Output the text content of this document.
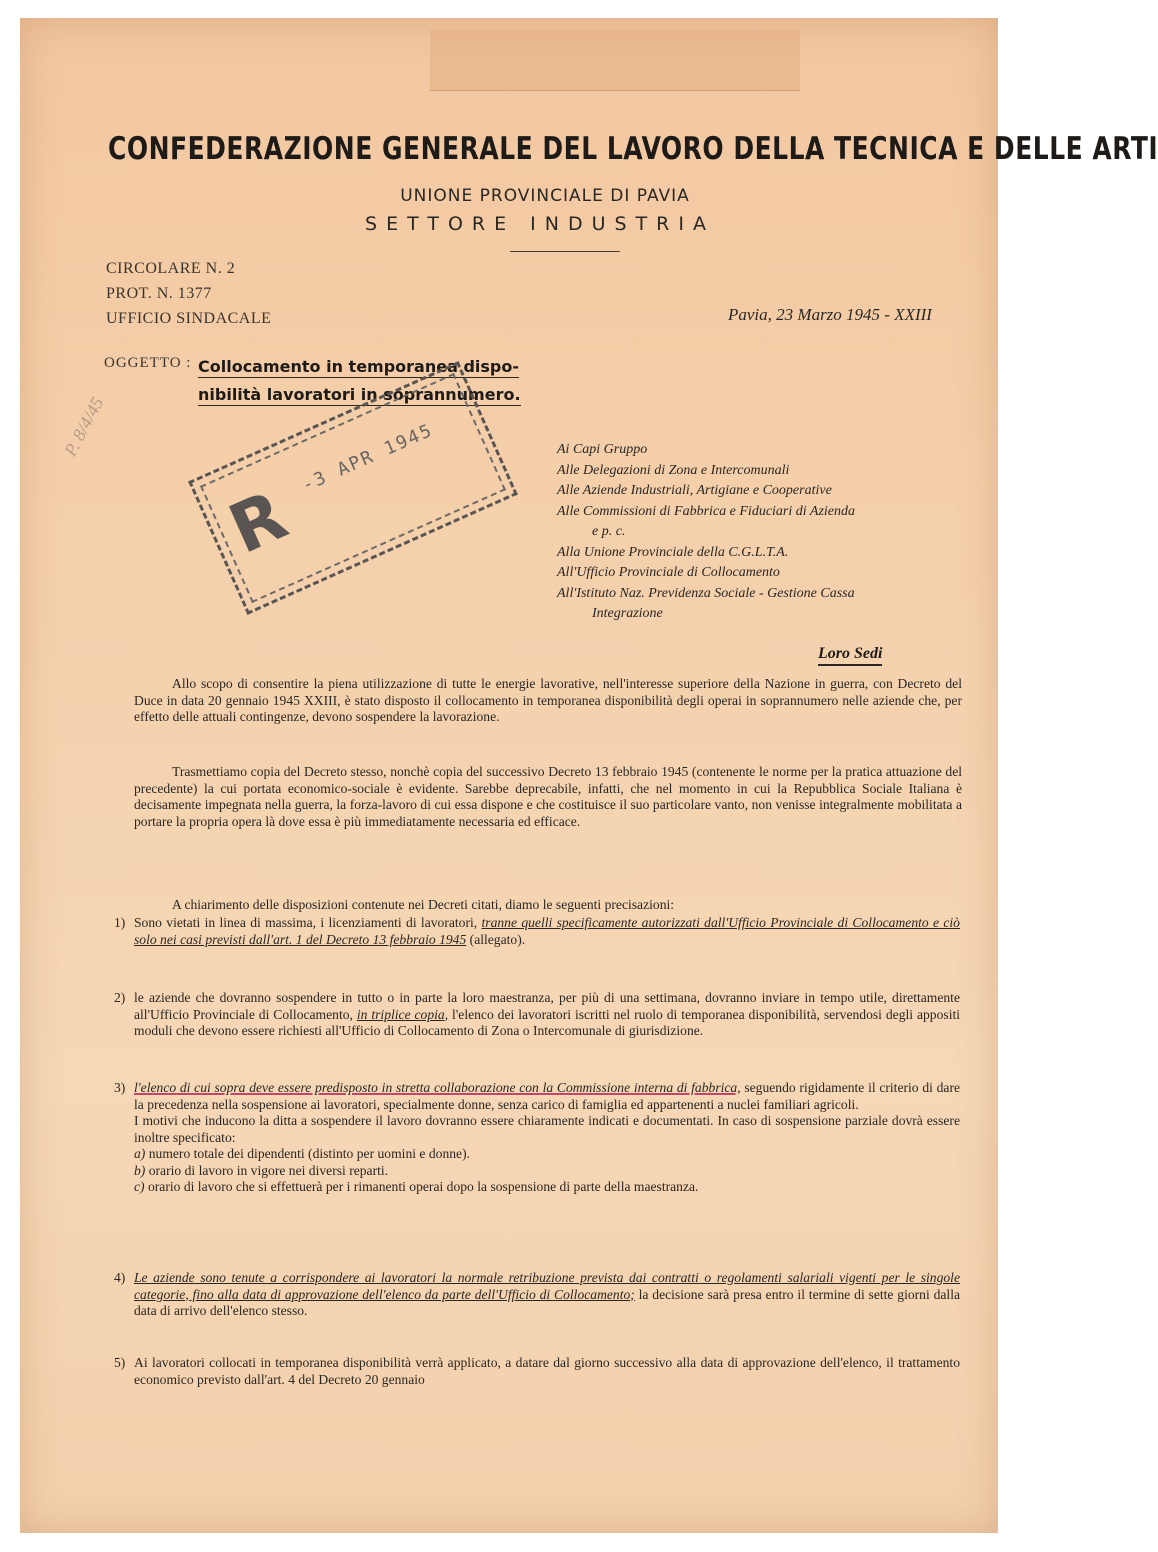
CONFEDERAZIONE GENERALE DEL LAVORO DELLA TECNICA E DELLE ARTI
UNIONE PROVINCIALE DI PAVIA
SETTORE INDUSTRIA
CIRCOLARE N. 2
PROT. N. 1377
UFFICIO SINDACALE	Pavia, 23 Marzo 1945 - XXIII
OGGETTO : Collocamento in temporanea dispo-
nibilità lavoratori in soprannumero.
P. 8/4/45
R
-3 APR 1945	Ai Capi Gruppo
Alle Delegazioni di Zona e Intercomunali
Alle Aziende Industriali, Artigiane e Cooperative
Alle Commissioni di Fabbrica e Fiduciari di Azienda
e p. c.
Alla Unione Provinciale della C.G.L.T.A.
All'Ufficio Provinciale di Collocamento
All'Istituto Naz. Previdenza Sociale - Gestione Cassa
Integrazione
Loro Sedi

Allo scopo di consentire la piena utilizzazione di tutte le energie lavorative, nell'interesse superiore della Nazione in guerra, con Decreto del Duce in data 20 gennaio 1945 XXIII, è stato disposto il collocamento in temporanea disponibilità degli operai in soprannumero nelle aziende che, per effetto delle attuali contingenze, devono sospendere la lavorazione.

Trasmettiamo copia del Decreto stesso, nonchè copia del successivo Decreto 13 febbraio 1945 (contenente le norme per la pratica attuazione del precedente) la cui portata economico-sociale è evidente. Sarebbe deprecabile, infatti, che nel momento in cui la Repubblica Sociale Italiana è decisamente impegnata nella guerra, la forza-lavoro di cui essa dispone e che costituisce il suo particolare vanto, non venisse integralmente mobilitata a portare la propria opera là dove essa è più immediatamente necessaria ed efficace.

A chiarimento delle disposizioni contenute nei Decreti citati, diamo le seguenti precisazioni:

1) Sono vietati in linea di massima, i licenziamenti di lavoratori, tranne quelli specificamente autorizzati dall'Ufficio Provinciale di Collocamento e ciò solo nei casi previsti dall'art. 1 del Decreto 13 febbraio 1945 (allegato).
2) le aziende che dovranno sospendere in tutto o in parte la loro maestranza, per più di una settimana, dovranno inviare in tempo utile, direttamente all'Ufficio Provinciale di Collocamento, in triplice copia, l'elenco dei lavoratori iscritti nel ruolo di temporanea disponibilità, servendosi degli appositi moduli che devono essere richiesti all'Ufficio di Collocamento di Zona o Intercomunale di giurisdizione.
3) l'elenco di cui sopra deve essere predisposto in stretta collaborazione con la Commissione interna di fabbrica, seguendo rigidamente il criterio di dare la precedenza nella sospensione ai lavoratori, specialmente donne, senza carico di famiglia ed appartenenti a nuclei familiari agricoli.
I motivi che inducono la ditta a sospendere il lavoro dovranno essere chiaramente indicati e documentati. In caso di sospensione parziale dovrà essere inoltre specificato:
a) numero totale dei dipendenti (distinto per uomini e donne).
b) orario di lavoro in vigore nei diversi reparti.
c) orario di lavoro che si effettuerà per i rimanenti operai dopo la sospensione di parte della maestranza.
4) Le aziende sono tenute a corrispondere ai lavoratori la normale retribuzione prevista dai contratti o regolamenti salariali vigenti per le singole categorie, fino alla data di approvazione dell'elenco da parte dell'Ufficio di Collocamento; la decisione sarà presa entro il termine di sette giorni dalla data di arrivo dell'elenco stesso.
5) Ai lavoratori collocati in temporanea disponibilità verrà applicato, a datare dal giorno successivo alla data di approvazione dell'elenco, il trattamento economico previsto dall'art. 4 del Decreto 20 gennaio
